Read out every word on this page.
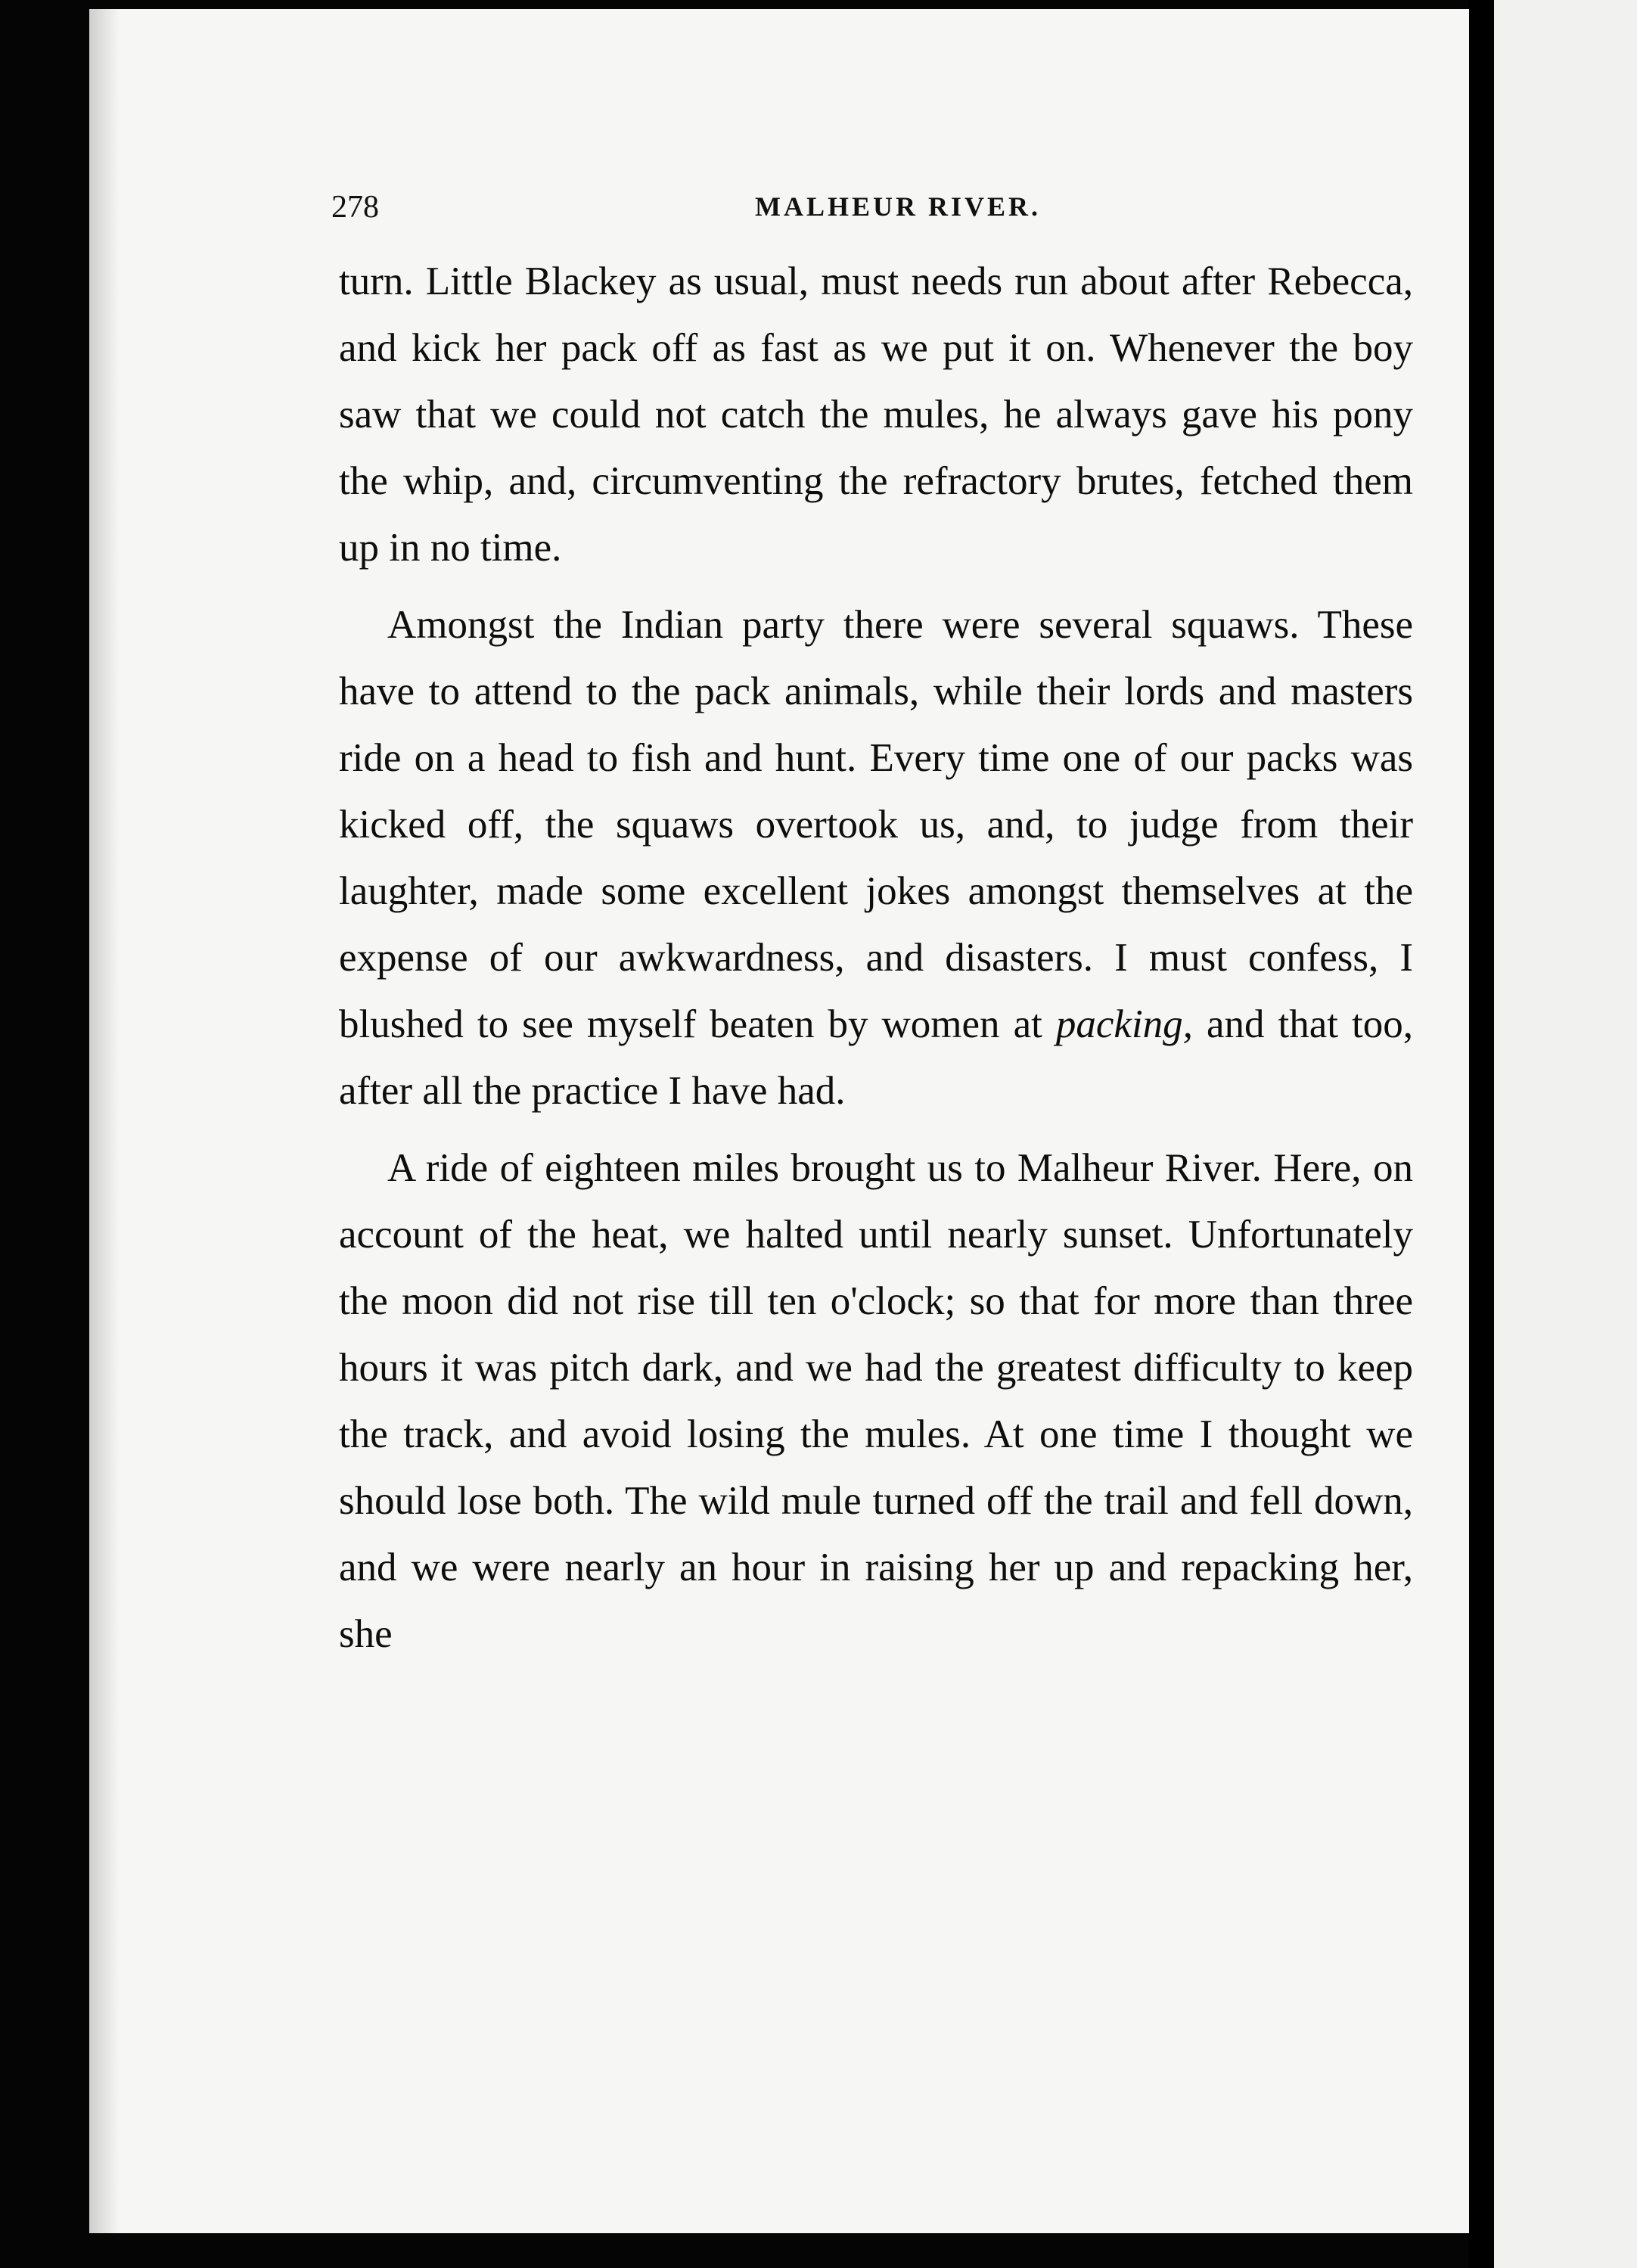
278	MALHEUR RIVER.

turn. Little Blackey as usual, must needs run about after Rebecca, and kick her pack off as fast as we put it on. Whenever the boy saw that we could not catch the mules, he always gave his pony the whip, and, circumventing the refractory brutes, fetched them up in no time.

Amongst the Indian party there were several squaws. These have to attend to the pack animals, while their lords and masters ride on a head to fish and hunt. Every time one of our packs was kicked off, the squaws overtook us, and, to judge from their laughter, made some excellent jokes amongst themselves at the expense of our awkwardness, and disasters. I must confess, I blushed to see myself beaten by women at packing, and that too, after all the practice I have had.

A ride of eighteen miles brought us to Malheur River. Here, on account of the heat, we halted until nearly sunset. Unfortunately the moon did not rise till ten o'clock; so that for more than three hours it was pitch dark, and we had the greatest difficulty to keep the track, and avoid losing the mules. At one time I thought we should lose both. The wild mule turned off the trail and fell down, and we were nearly an hour in raising her up and repacking her, she
